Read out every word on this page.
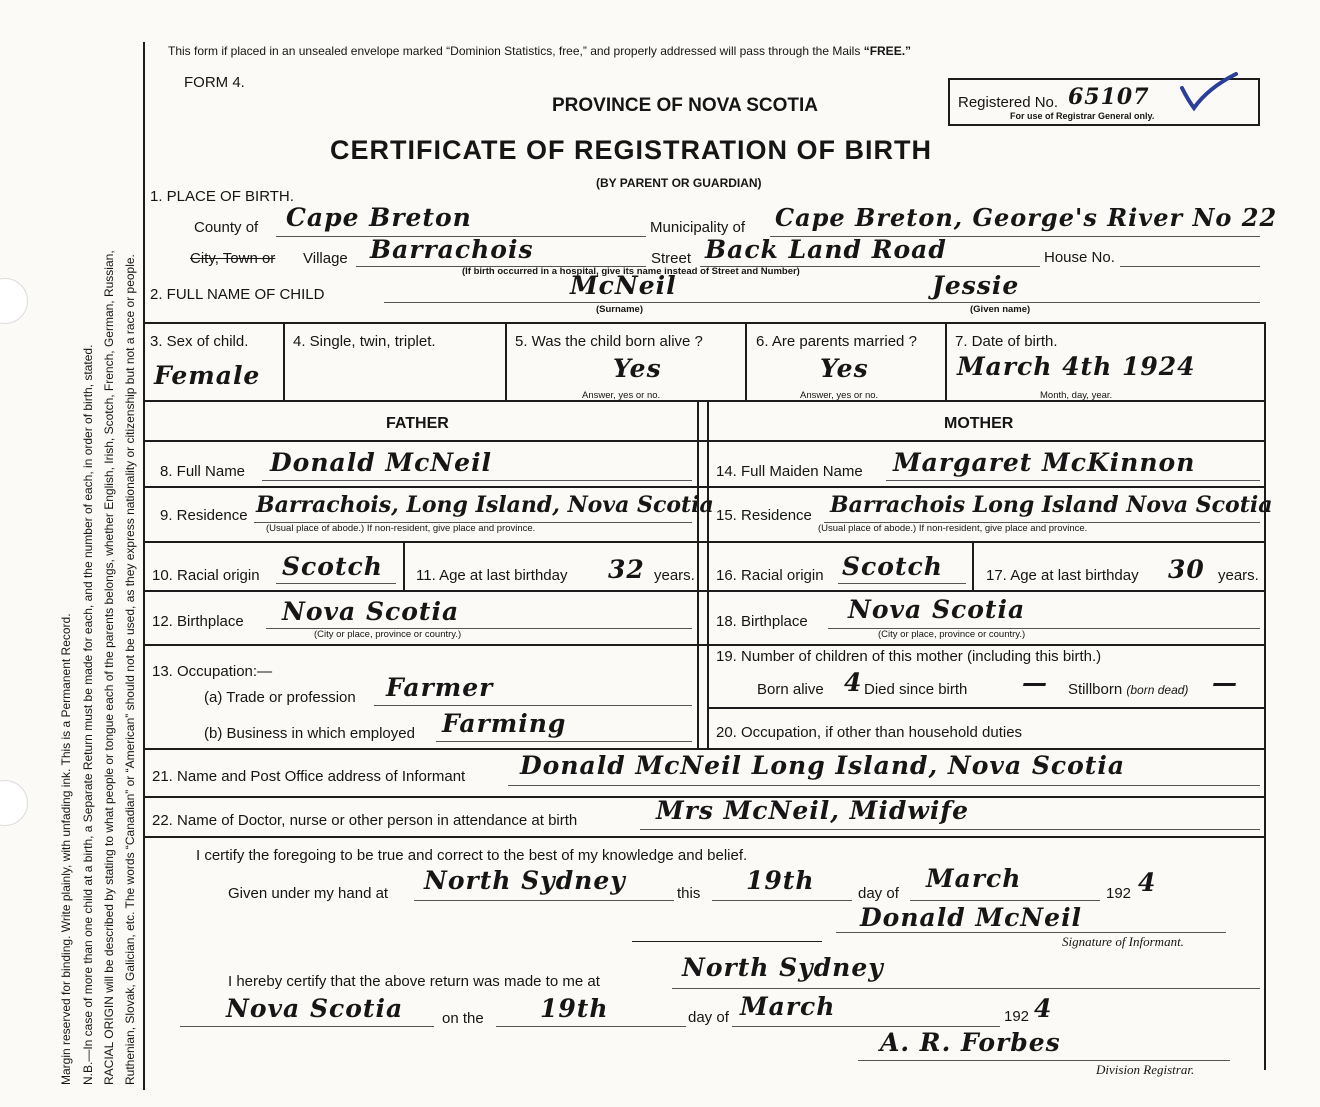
Margin reserved for binding. Write plainly, with unfading ink. This is a Permanent Record. N.B.—In case of more than one child at a birth, a Separate Return must be made for each, and the number of each, in order of birth, stated. RACIAL ORIGIN will be described by stating to what people or tongue each of the parents belongs, whether English, Irish, Scotch, French, German, Russian, Ruthenian, Slovak, Galician, etc. The words “Canadian” or “American” should not be used, as they express nationality or citizenship but not a race or people.
This form if placed in an unsealed envelope marked “Dominion Statistics, free,” and properly addressed will pass through the Mails “FREE.”
FORM 4.
PROVINCE OF NOVA SCOTIA
CERTIFICATE OF REGISTRATION OF BIRTH
(BY PARENT OR GUARDIAN)
Registered No. 65107
For use of Registrar General only.
1. PLACE OF BIRTH.
County of Cape Breton	Municipality of Cape Breton, George's River No 22
City, Town or Village Barrachois	Street Back Land Road	House No.
(If birth occurred in a hospital, give its name instead of Street and Number)
2. FULL NAME OF CHILD	McNeil	Jessie
(Surname)	(Given name)
3. Sex of child.
Female
4. Single, twin, triplet.	5. Was the child born alive ?
Yes
Answer, yes or no.
6. Are parents married ?
Yes
Answer, yes or no.
7. Date of birth.
March 4th 1924
Month, day, year.
FATHER	MOTHER
8. Full Name Donald McNeil	14. Full Maiden Name Margaret McKinnon
9. Residence Barrachois, Long Island, Nova Scotia
(Usual place of abode.) If non-resident, give place and province.
15. Residence Barrachois Long Island Nova Scotia
(Usual place of abode.) If non-resident, give place and province.
10. Racial origin Scotch 11. Age at last birthday 32 years. 16. Racial origin Scotch	17. Age at last birthday 30 years.
12. Birthplace Nova Scotia
(City or place, province or country.)
18. Birthplace Nova Scotia
(City or place, province or country.)
13. Occupation:—
(a) Trade or profession Farmer
(b) Business in which employed Farming
19. Number of children of this mother (including this birth.)
Born alive 4 Died since birth — Stillborn (born dead) —
20. Occupation, if other than household duties
21. Name and Post Office address of Informant Donald McNeil Long Island, Nova Scotia
22. Name of Doctor, nurse or other person in attendance at birth	Mrs McNeil, Midwife
I certify the foregoing to be true and correct to the best of my knowledge and belief.
Given under my hand at North Sydney	this 19th	day of
March
192 4
Donald McNeil
Signature of Informant.
I hereby certify that the above return was made to me at	North Sydney
Nova Scotia	on the 19th	day of March	192 4
A. R. Forbes
Division Registrar.
